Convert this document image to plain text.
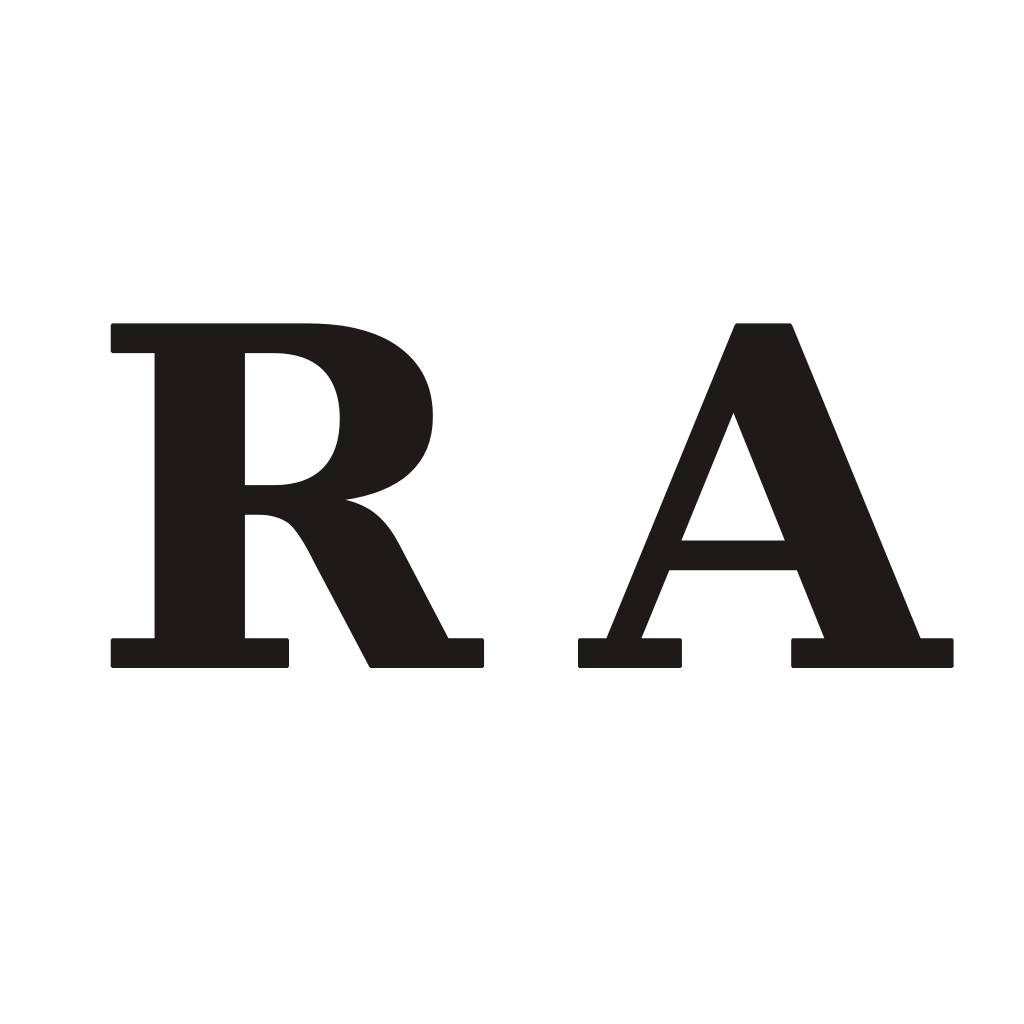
R A
